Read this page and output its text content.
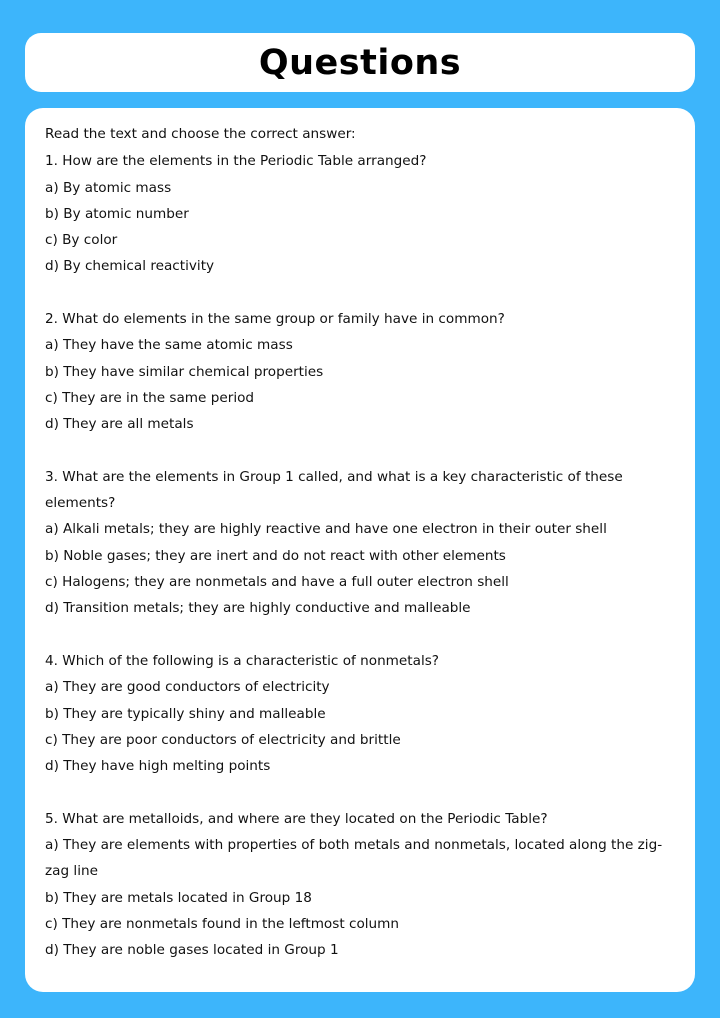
Questions

Read the text and choose the correct answer:

1. How are the elements in the Periodic Table arranged?

a) By atomic mass

b) By atomic number

c) By color

d) By chemical reactivity

2. What do elements in the same group or family have in common?

a) They have the same atomic mass

b) They have similar chemical properties

c) They are in the same period

d) They are all metals

3. What are the elements in Group 1 called, and what is a key characteristic of these elements?

a) Alkali metals; they are highly reactive and have one electron in their outer shell

b) Noble gases; they are inert and do not react with other elements

c) Halogens; they are nonmetals and have a full outer electron shell

d) Transition metals; they are highly conductive and malleable

4. Which of the following is a characteristic of nonmetals?

a) They are good conductors of electricity

b) They are typically shiny and malleable

c) They are poor conductors of electricity and brittle

d) They have high melting points

5. What are metalloids, and where are they located on the Periodic Table?

a) They are elements with properties of both metals and nonmetals, located along the zig-zag line

b) They are metals located in Group 18

c) They are nonmetals found in the leftmost column

d) They are noble gases located in Group 1
